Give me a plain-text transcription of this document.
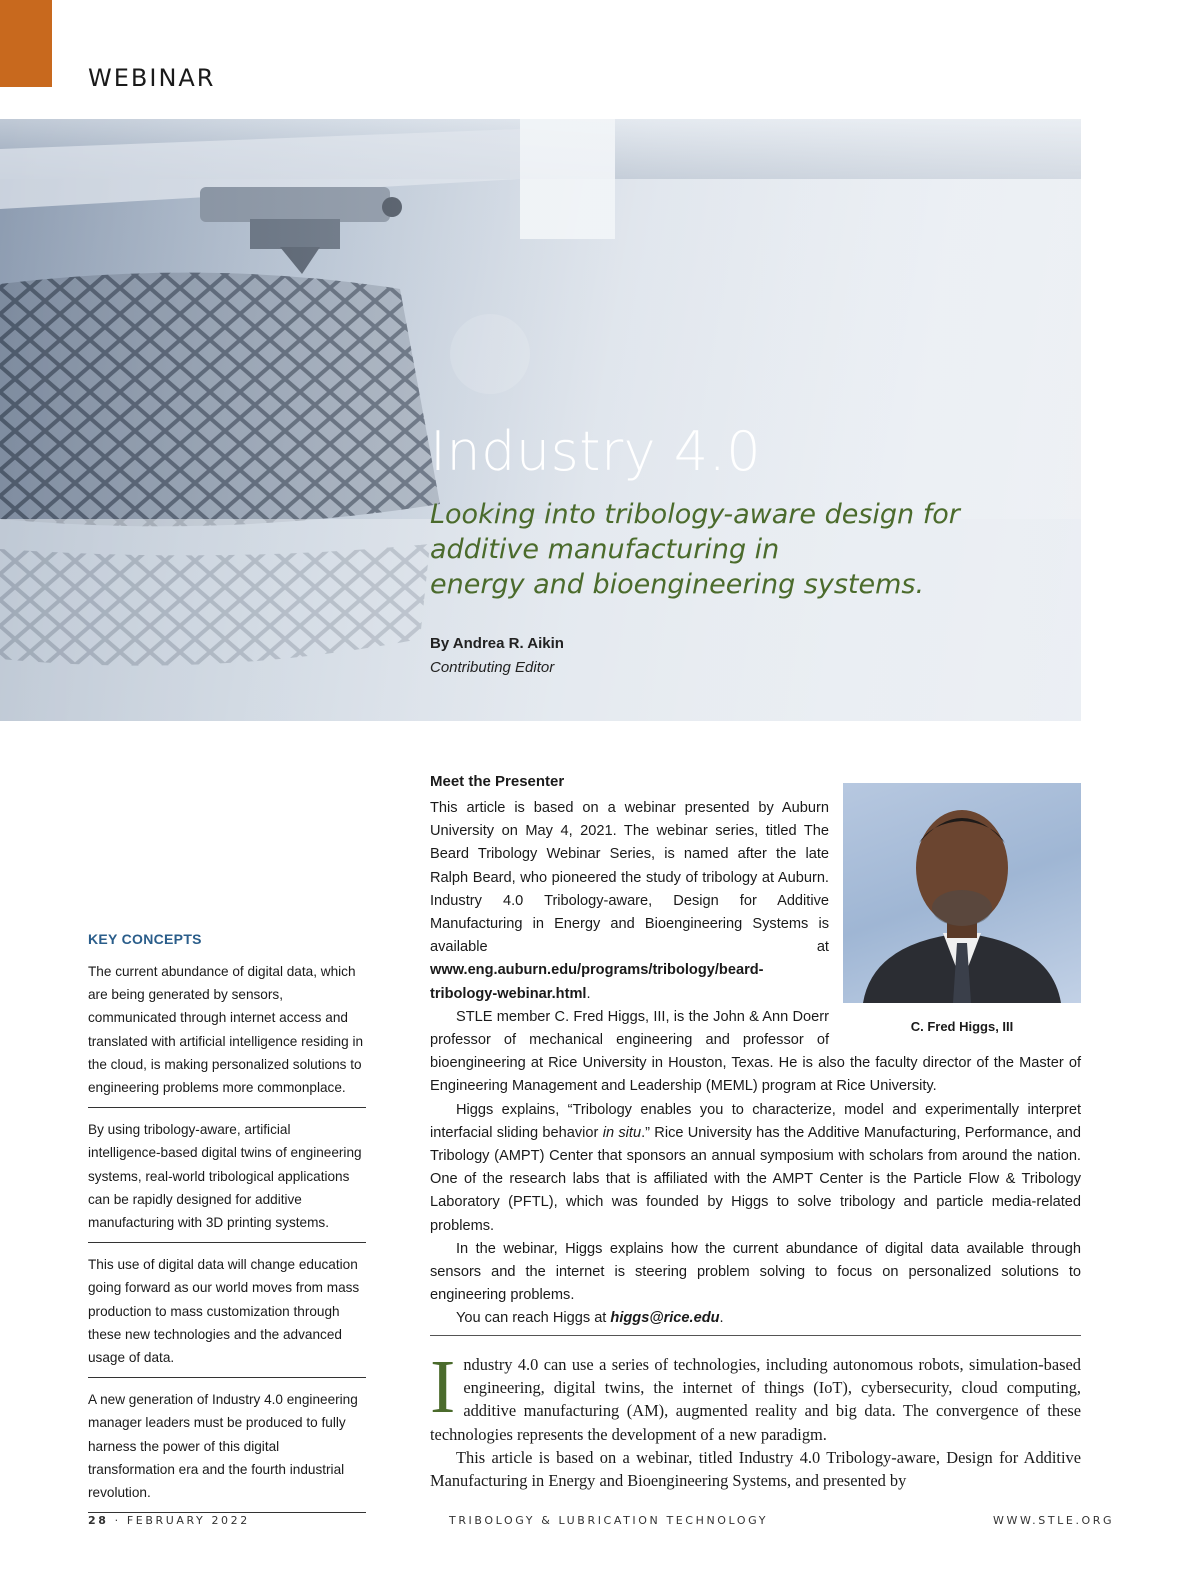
WEBINAR
Industry 4.0
Looking into tribology-aware design for
additive manufacturing in
energy and bioengineering systems.
By Andrea R. Aikin
Contributing Editor
KEY CONCEPTS
The current abundance of digital data, which are being generated by sensors, communicated through internet access and translated with artificial intelligence residing in the cloud, is making personalized solutions to engineering problems more commonplace.
By using tribology-aware, artificial intelligence-based digital twins of engineering systems, real-world tribological applications can be rapidly designed for additive manufacturing with 3D printing systems.
This use of digital data will change education going forward as our world moves from mass production to mass customization through these new technologies and the advanced usage of data.
A new generation of Industry 4.0 engineering manager leaders must be produced to fully harness the power of this digital transformation era and the fourth industrial revolution.
Meet the Presenter
C. Fred Higgs, III

This article is based on a webinar presented by Auburn University on May 4, 2021. The webinar series, titled The Beard Tribology Webinar Series, is named after the late Ralph Beard, who pioneered the study of tribology at Auburn. Industry 4.0 Tribology-aware, Design for Additive Manufacturing in Energy and Bioengineering Systems is available at www.eng.auburn.edu/programs/tribology/beard-tribology-webinar.html.

STLE member C. Fred Higgs, III, is the John & Ann Doerr professor of mechanical engineering and professor of bioengineering at Rice University in Houston, Texas. He is also the faculty director of the Master of Engineering Management and Leadership (MEML) program at Rice University.

Higgs explains, “Tribology enables you to characterize, model and experimentally interpret interfacial sliding behavior in situ.” Rice University has the Additive Manufacturing, Performance, and Tribology (AMPT) Center that sponsors an annual symposium with scholars from around the nation. One of the research labs that is affiliated with the AMPT Center is the Particle Flow & Tribology Laboratory (PFTL), which was founded by Higgs to solve tribology and particle media-related problems.

In the webinar, Higgs explains how the current abundance of digital data available through sensors and the internet is steering problem solving to focus on personalized solutions to engineering problems.

You can reach Higgs at higgs@rice.edu.

Industry 4.0 can use a series of technologies, including autonomous robots, simulation-based engineering, digital twins, the internet of things (IoT), cybersecurity, cloud computing, additive manufacturing (AM), augmented reality and big data. The convergence of these technologies represents the development of a new paradigm.

This article is based on a webinar, titled Industry 4.0 Tribology-aware, Design for Additive Manufacturing in Energy and Bioengineering Systems, and presented by

28 · FEBRUARY 2022	TRIBOLOGY & LUBRICATION TECHNOLOGY	WWW.STLE.ORG
